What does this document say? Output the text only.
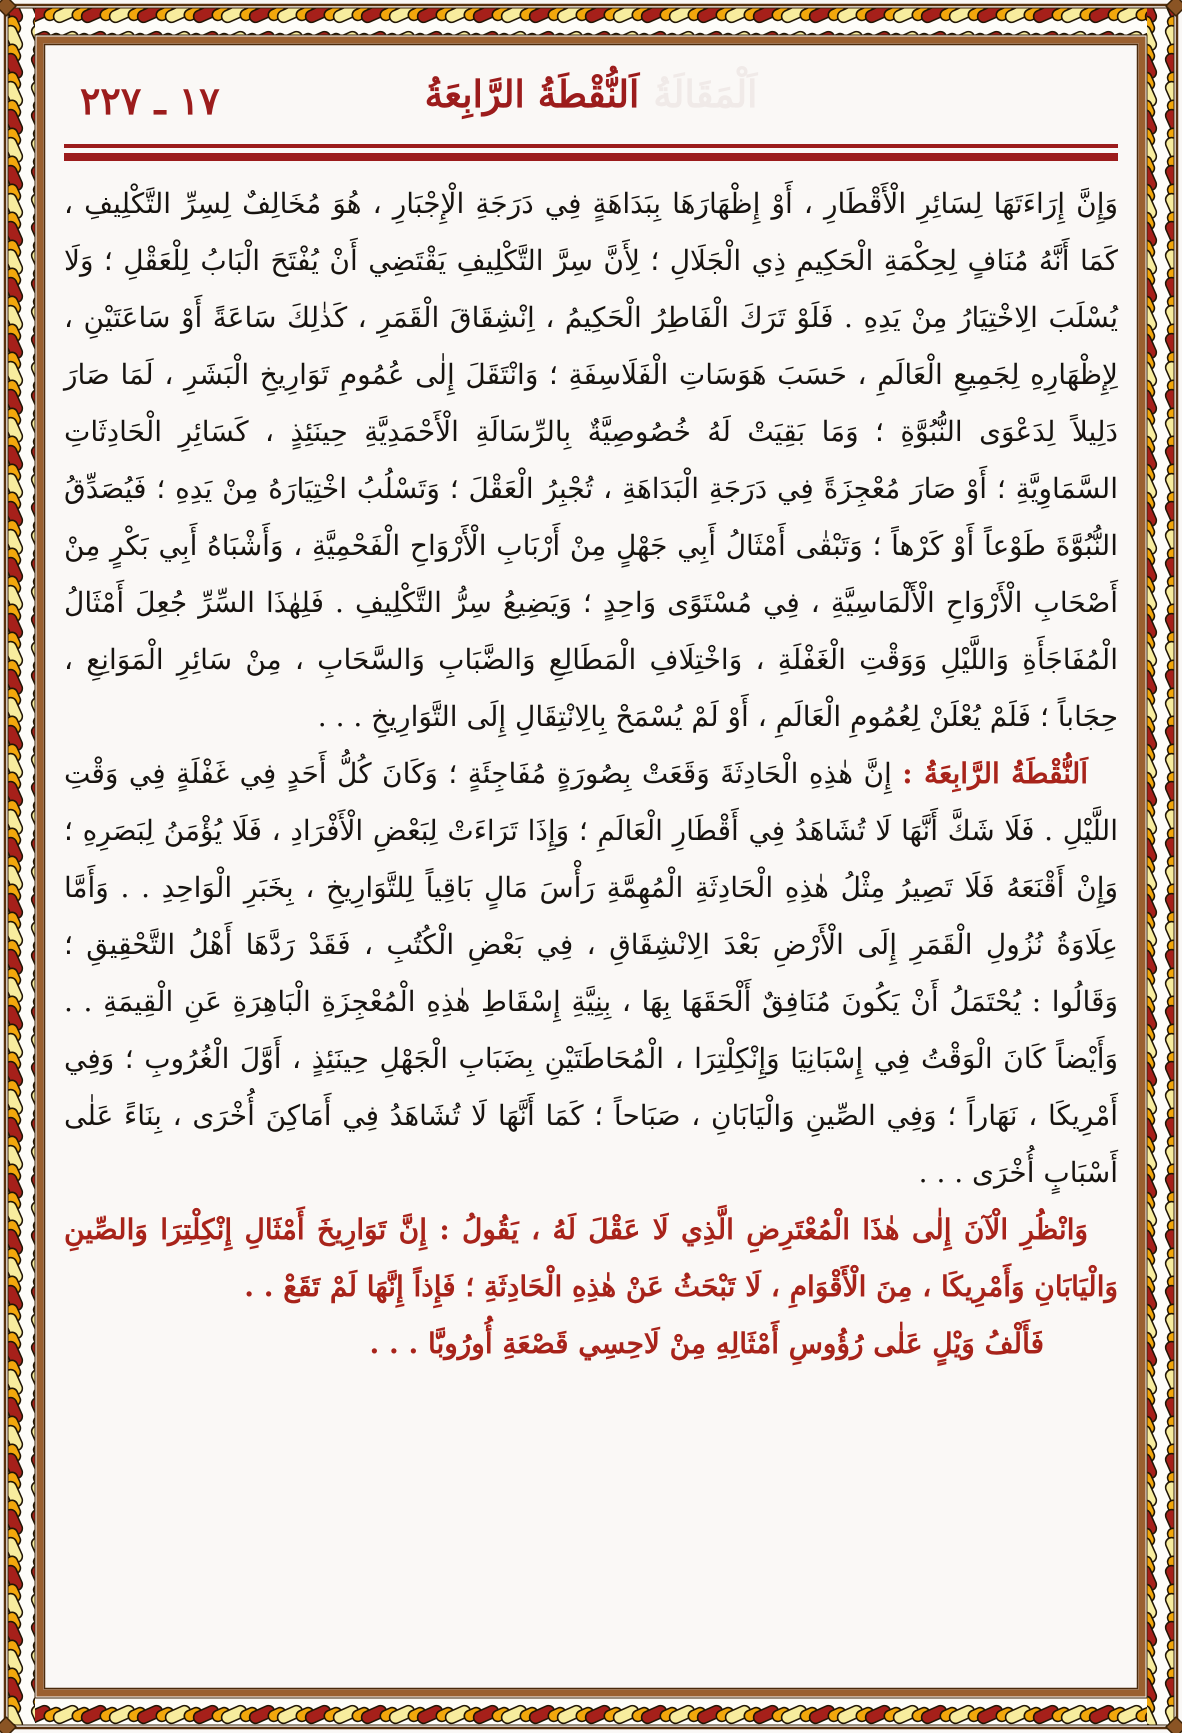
١٧ ـ ٢٢٧	اَلْمَقَالَةُاَلنُّقْطَةُ الرَّابِعَةُ

وَإِنَّ إِرَاءَتَهَا لِسَائِرِ الْأَقْطَارِ ، أَوْ إِظْهَارَهَا بِبَدَاهَةٍ فِي دَرَجَةِ الْإِجْبَارِ ، هُوَ مُخَالِفٌ لِسِرِّ التَّكْلِيفِ ، كَمَا أَنَّهُ مُنَافٍ لِحِكْمَةِ الْحَكِيمِ ذِي الْجَلَالِ ؛ لِأَنَّ سِرَّ التَّكْلِيفِ يَقْتَضِي أَنْ يُفْتَحَ الْبَابُ لِلْعَقْلِ ؛ وَلَا يُسْلَبَ الِاخْتِيَارُ مِنْ يَدِهِ . فَلَوْ تَرَكَ الْفَاطِرُ الْحَكِيمُ ، اِنْشِقَاقَ الْقَمَرِ ، كَذٰلِكَ سَاعَةً أَوْ سَاعَتَيْنِ ، لِإِظْهَارِهِ لِجَمِيعِ الْعَالَمِ ، حَسَبَ هَوَسَاتِ الْفَلَاسِفَةِ ؛ وَانْتَقَلَ إِلٰى عُمُومِ تَوَارِيخِ الْبَشَرِ ، لَمَا صَارَ دَلِيلاً لِدَعْوَى النُّبُوَّةِ ؛ وَمَا بَقِيَتْ لَهُ خُصُوصِيَّةٌ بِالرِّسَالَةِ الْأَحْمَدِيَّةِ حِينَئِذٍ ، كَسَائِرِ الْحَادِثَاتِ السَّمَاوِيَّةِ ؛ أَوْ صَارَ مُعْجِزَةً فِي دَرَجَةِ الْبَدَاهَةِ ، تُجْبِرُ الْعَقْلَ ؛ وَتَسْلُبُ اخْتِيَارَهُ مِنْ يَدِهِ ؛ فَيُصَدِّقُ النُّبُوَّةَ طَوْعاً أَوْ كَرْهاً ؛ وَتَبْقٰى أَمْثَالُ أَبِي جَهْلٍ مِنْ أَرْبَابِ الْأَرْوَاحِ الْفَحْمِيَّةِ ، وَأَشْبَاهُ أَبِي بَكْرٍ مِنْ أَصْحَابِ الْأَرْوَاحِ الْأَلْمَاسِيَّةِ ، فِي مُسْتَوًى وَاحِدٍ ؛ وَيَضِيعُ سِرُّ التَّكْلِيفِ . فَلِهٰذَا السِّرِّ جُعِلَ أَمْثَالُ الْمُفَاجَأَةِ وَاللَّيْلِ وَوَقْتِ الْغَفْلَةِ ، وَاخْتِلَافِ الْمَطَالِعِ وَالضَّبَابِ وَالسَّحَابِ ، مِنْ سَائِرِ الْمَوَانِعِ ، حِجَاباً ؛ فَلَمْ يُعْلَنْ لِعُمُومِ الْعَالَمِ ، أَوْ لَمْ يُسْمَحْ بِالِانْتِقَالِ إِلَى التَّوَارِيخِ . . .

اَلنُّقْطَةُ الرَّابِعَةُ : إِنَّ هٰذِهِ الْحَادِثَةَ وَقَعَتْ بِصُورَةٍ مُفَاجِئَةٍ ؛ وَكَانَ كُلُّ أَحَدٍ فِي غَفْلَةٍ فِي وَقْتِ اللَّيْلِ . فَلَا شَكَّ أَنَّهَا لَا تُشَاهَدُ فِي أَقْطَارِ الْعَالَمِ ؛ وَإِذَا تَرَاءَتْ لِبَعْضِ الْأَفْرَادِ ، فَلَا يُؤْمَنُ لِبَصَرِهِ ؛ وَإِنْ أَقْنَعَهُ فَلَا تَصِيرُ مِثْلُ هٰذِهِ الْحَادِثَةِ الْمُهِمَّةِ رَأْسَ مَالٍ بَاقِياً لِلتَّوَارِيخِ ، بِخَبَرِ الْوَاحِدِ . . وَأَمَّا عِلَاوَةُ نُزُولِ الْقَمَرِ إِلَى الْأَرْضِ بَعْدَ الِانْشِقَاقِ ، فِي بَعْضِ الْكُتُبِ ، فَقَدْ رَدَّهَا أَهْلُ التَّحْقِيقِ ؛ وَقَالُوا : يُحْتَمَلُ أَنْ يَكُونَ مُنَافِقٌ أَلْحَقَهَا بِهَا ، بِنِيَّةِ إِسْقَاطِ هٰذِهِ الْمُعْجِزَةِ الْبَاهِرَةِ عَنِ الْقِيمَةِ . . وَأَيْضاً كَانَ الْوَقْتُ فِي إِسْبَانِيَا وَإِنْكِلْتِرَا ، الْمُحَاطَتَيْنِ بِضَبَابِ الْجَهْلِ حِينَئِذٍ ، أَوَّلَ الْغُرُوبِ ؛ وَفِي أَمْرِيكَا ، نَهَاراً ؛ وَفِي الصِّينِ وَالْيَابَانِ ، صَبَاحاً ؛ كَمَا أَنَّهَا لَا تُشَاهَدُ فِي أَمَاكِنَ أُخْرَى ، بِنَاءً عَلٰى أَسْبَابٍ أُخْرَى . . .

وَانْظُرِ الْآنَ إِلٰى هٰذَا الْمُعْتَرِضِ الَّذِي لَا عَقْلَ لَهُ ، يَقُولُ : إِنَّ تَوَارِيخَ أَمْثَالِ إِنْكِلْتِرَا وَالصِّينِ وَالْيَابَانِ وَأَمْرِيكَا ، مِنَ الْأَقْوَامِ ، لَا تَبْحَثُ عَنْ هٰذِهِ الْحَادِثَةِ ؛ فَإِذاً إِنَّهَا لَمْ تَقَعْ . .

فَأَلْفُ وَيْلٍ عَلٰى رُؤُوسِ أَمْثَالِهِ مِنْ لَاحِسِي قَصْعَةِ أُورُوبَّا . . .
